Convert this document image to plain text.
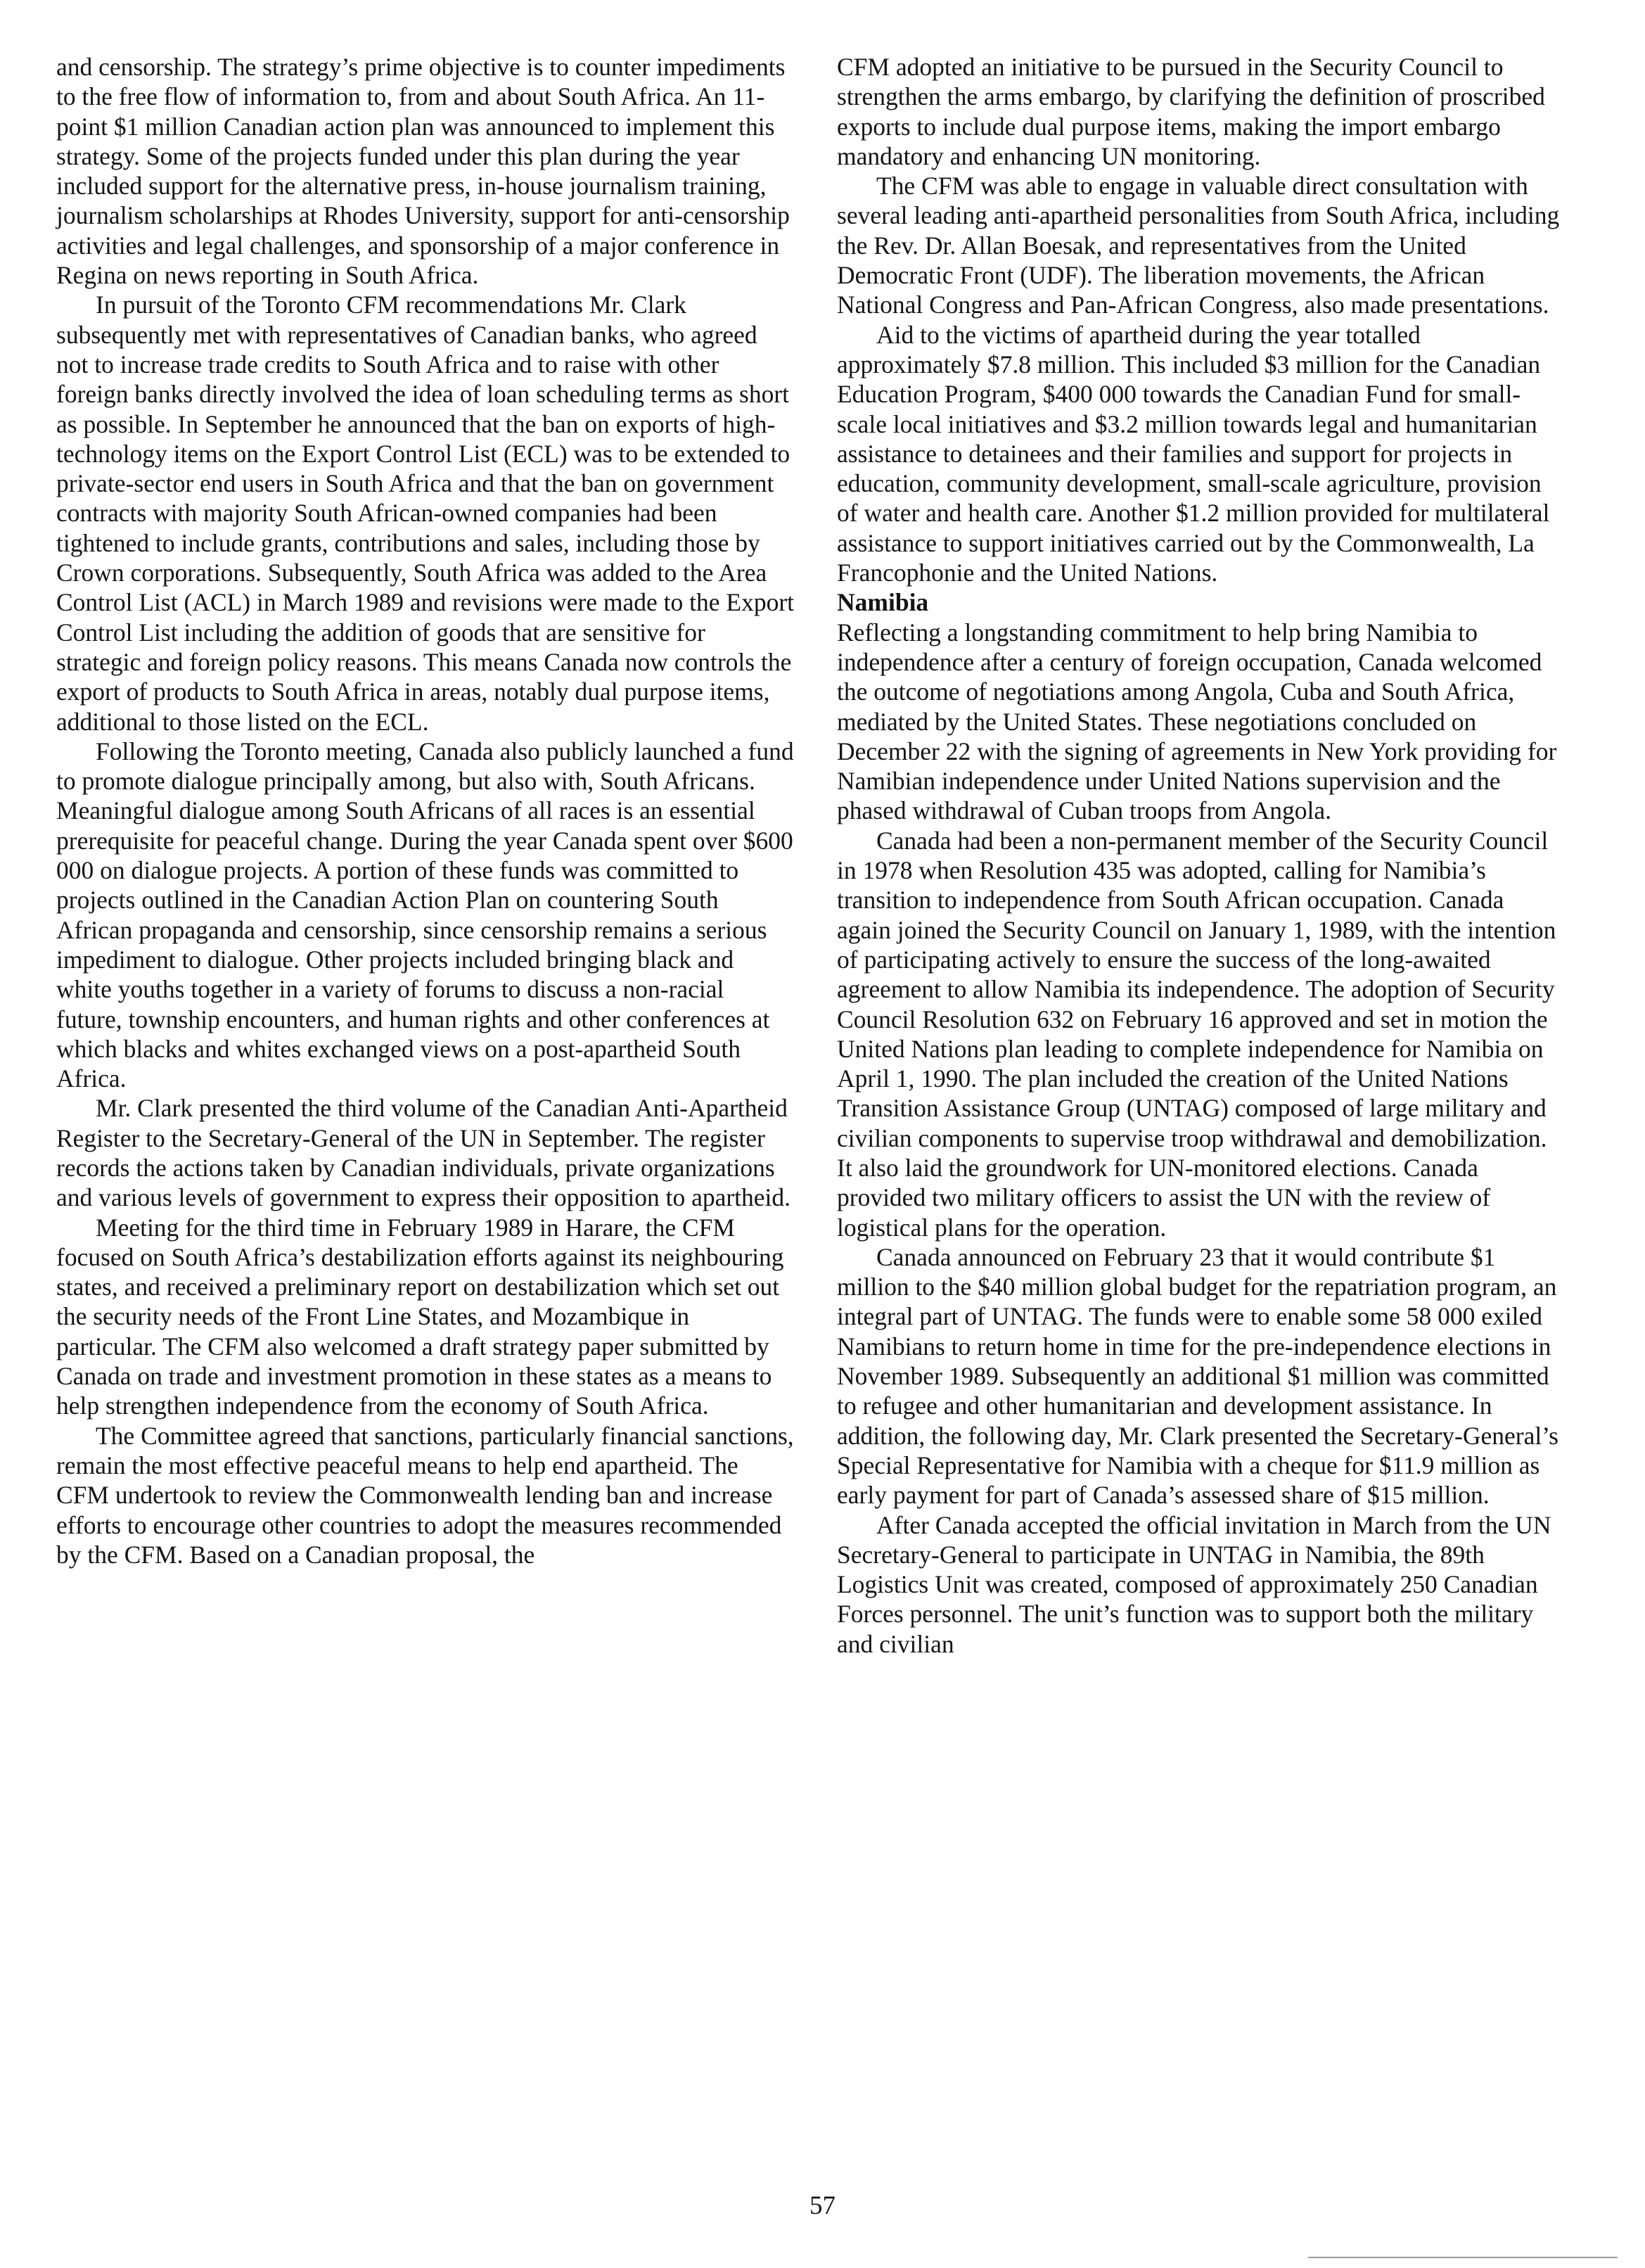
and censorship. The strategy’s prime objective is to counter impediments to the free flow of information to, from and about South Africa. An 11-point $1 million Canadian action plan was announced to implement this strategy. Some of the projects funded under this plan during the year included support for the alternative press, in-house journalism training, journalism scholarships at Rhodes University, support for anti-censorship activities and legal challenges, and sponsorship of a major conference in Regina on news reporting in South Africa.

In pursuit of the Toronto CFM recommendations Mr. Clark subsequently met with representatives of Canadian banks, who agreed not to increase trade credits to South Africa and to raise with other foreign banks directly involved the idea of loan scheduling terms as short as possible. In September he announced that the ban on exports of high-technology items on the Export Control List (ECL) was to be extended to private-sector end users in South Africa and that the ban on government contracts with majority South African-owned companies had been tightened to include grants, contributions and sales, including those by Crown corporations. Subsequently, South Africa was added to the Area Control List (ACL) in March 1989 and revisions were made to the Export Control List including the addition of goods that are sensitive for strategic and foreign policy reasons. This means Canada now controls the export of products to South Africa in areas, notably dual purpose items, additional to those listed on the ECL.

Following the Toronto meeting, Canada also publicly launched a fund to promote dialogue principally among, but also with, South Africans. Meaningful dialogue among South Africans of all races is an essential prerequisite for peaceful change. During the year Canada spent over $600 000 on dialogue projects. A portion of these funds was committed to projects outlined in the Canadian Action Plan on countering South African propaganda and censorship, since censorship remains a serious impediment to dialogue. Other projects included bringing black and white youths together in a variety of forums to discuss a non-racial future, township encounters, and human rights and other conferences at which blacks and whites exchanged views on a post-apartheid South Africa.

Mr. Clark presented the third volume of the Canadian Anti-Apartheid Register to the Secretary-General of the UN in September. The register records the actions taken by Canadian individuals, private organizations and various levels of government to express their opposition to apartheid.

Meeting for the third time in February 1989 in Harare, the CFM focused on South Africa’s destabilization efforts against its neighbouring states, and received a preliminary report on destabilization which set out the security needs of the Front Line States, and Mozambique in particular. The CFM also welcomed a draft strategy paper submitted by Canada on trade and investment promotion in these states as a means to help strengthen independence from the economy of South Africa.

The Committee agreed that sanctions, particularly financial sanctions, remain the most effective peaceful means to help end apartheid. The CFM undertook to review the Commonwealth lending ban and increase efforts to encourage other countries to adopt the measures recommended by the CFM. Based on a Canadian proposal, the

CFM adopted an initiative to be pursued in the Security Council to strengthen the arms embargo, by clarifying the definition of proscribed exports to include dual purpose items, making the import embargo mandatory and enhancing UN monitoring.

The CFM was able to engage in valuable direct consultation with several leading anti-apartheid personalities from South Africa, including the Rev. Dr. Allan Boesak, and representatives from the United Democratic Front (UDF). The liberation movements, the African National Congress and Pan-African Congress, also made presentations.

Aid to the victims of apartheid during the year totalled approximately $7.8 million. This included $3 million for the Canadian Education Program, $400 000 towards the Canadian Fund for small-scale local initiatives and $3.2 million towards legal and humanitarian assistance to detainees and their families and support for projects in education, community development, small-scale agriculture, provision of water and health care. Another $1.2 million provided for multilateral assistance to support initiatives carried out by the Commonwealth, La Francophonie and the United Nations.

Namibia

Reflecting a longstanding commitment to help bring Namibia to independence after a century of foreign occupation, Canada welcomed the outcome of negotiations among Angola, Cuba and South Africa, mediated by the United States. These negotiations concluded on December 22 with the signing of agreements in New York providing for Namibian independence under United Nations supervision and the phased withdrawal of Cuban troops from Angola.

Canada had been a non-permanent member of the Security Council in 1978 when Resolution 435 was adopted, calling for Namibia’s transition to independence from South African occupation. Canada again joined the Security Council on January 1, 1989, with the intention of participating actively to ensure the success of the long-awaited agreement to allow Namibia its independence. The adoption of Security Council Resolution 632 on February 16 approved and set in motion the United Nations plan leading to complete independence for Namibia on April 1, 1990. The plan included the creation of the United Nations Transition Assistance Group (UNTAG) composed of large military and civilian components to supervise troop withdrawal and demobilization. It also laid the groundwork for UN-monitored elections. Canada provided two military officers to assist the UN with the review of logistical plans for the operation.

Canada announced on February 23 that it would contribute $1 million to the $40 million global budget for the repatriation program, an integral part of UNTAG. The funds were to enable some 58 000 exiled Namibians to return home in time for the pre-independence elections in November 1989. Subsequently an additional $1 million was committed to refugee and other humanitarian and development assistance. In addition, the following day, Mr. Clark presented the Secretary-General’s Special Representative for Namibia with a cheque for $11.9 million as early payment for part of Canada’s assessed share of $15 million.

After Canada accepted the official invitation in March from the UN Secretary-General to participate in UNTAG in Namibia, the 89th Logistics Unit was created, composed of approximately 250 Canadian Forces personnel. The unit’s function was to support both the military and civilian

57
